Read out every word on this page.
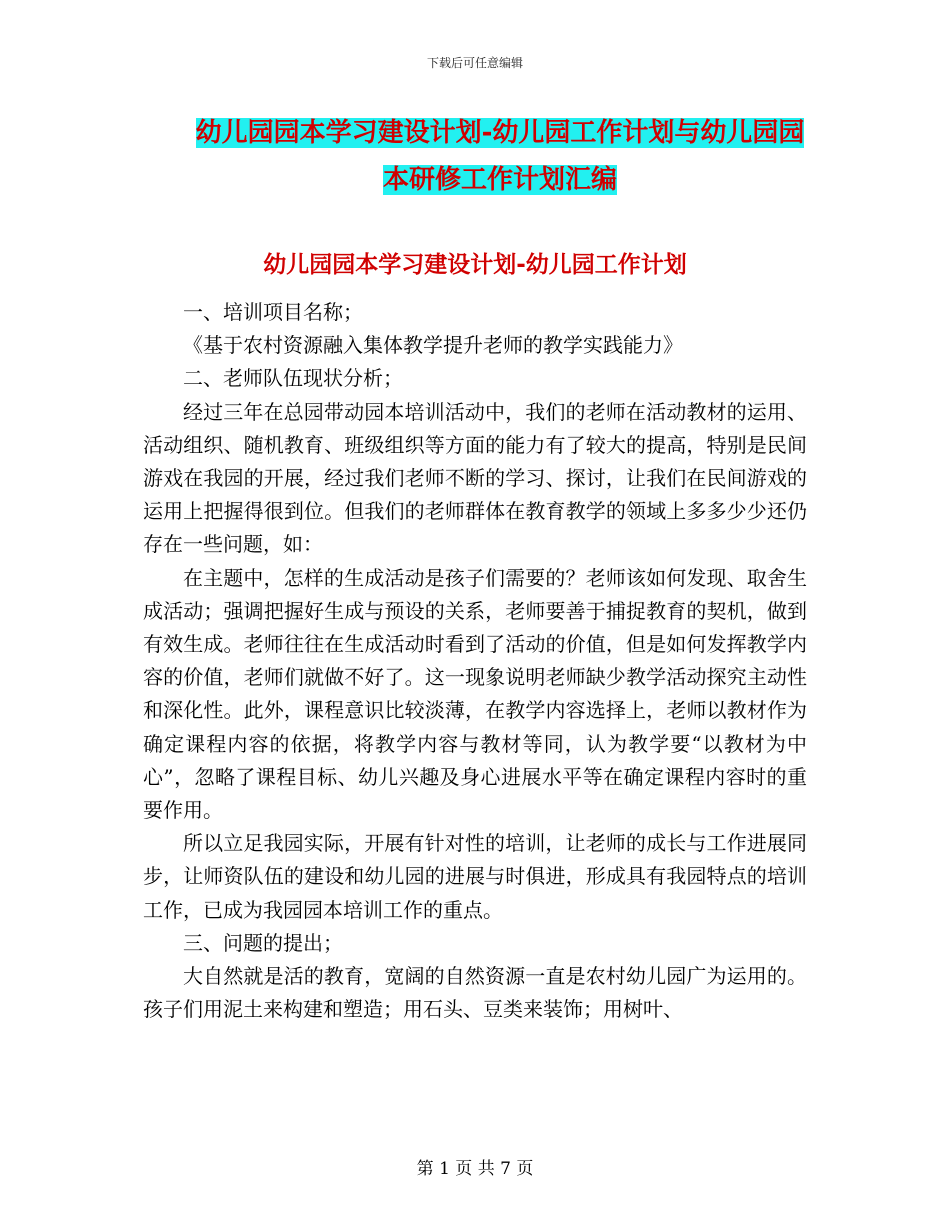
下载后可任意编辑
幼儿园园本学习建设计划-幼儿园工作计划与幼儿园园
本研修工作计划汇编
幼儿园园本学习建设计划-幼儿园工作计划

一、培训项目名称；

《基于农村资源融入集体教学提升老师的教学实践能力》

二、老师队伍现状分析；

经过三年在总园带动园本培训活动中，我们的老师在活动教材的运用、活动组织、随机教育、班级组织等方面的能力有了较大的提高，特别是民间游戏在我园的开展，经过我们老师不断的学习、探讨，让我们在民间游戏的运用上把握得很到位。但我们的老师群体在教育教学的领域上多多少少还仍存在一些问题，如：

在主题中，怎样的生成活动是孩子们需要的？老师该如何发现、取舍生成活动；强调把握好生成与预设的关系，老师要善于捕捉教育的契机，做到有效生成。老师往往在生成活动时看到了活动的价值，但是如何发挥教学内容的价值，老师们就做不好了。这一现象说明老师缺少教学活动探究主动性和深化性。此外，课程意识比较淡薄，在教学内容选择上，老师以教材作为确定课程内容的依据，将教学内容与教材等同，认为教学要“以教材为中心”，忽略了课程目标、幼儿兴趣及身心进展水平等在确定课程内容时的重要作用。

所以立足我园实际，开展有针对性的培训，让老师的成长与工作进展同步，让师资队伍的建设和幼儿园的进展与时俱进，形成具有我园特点的培训工作，已成为我园园本培训工作的重点。

三、问题的提出；

大自然就是活的教育，宽阔的自然资源一直是农村幼儿园广为运用的。孩子们用泥土来构建和塑造；用石头、豆类来装饰；用树叶、

第 1 页 共 7 页
